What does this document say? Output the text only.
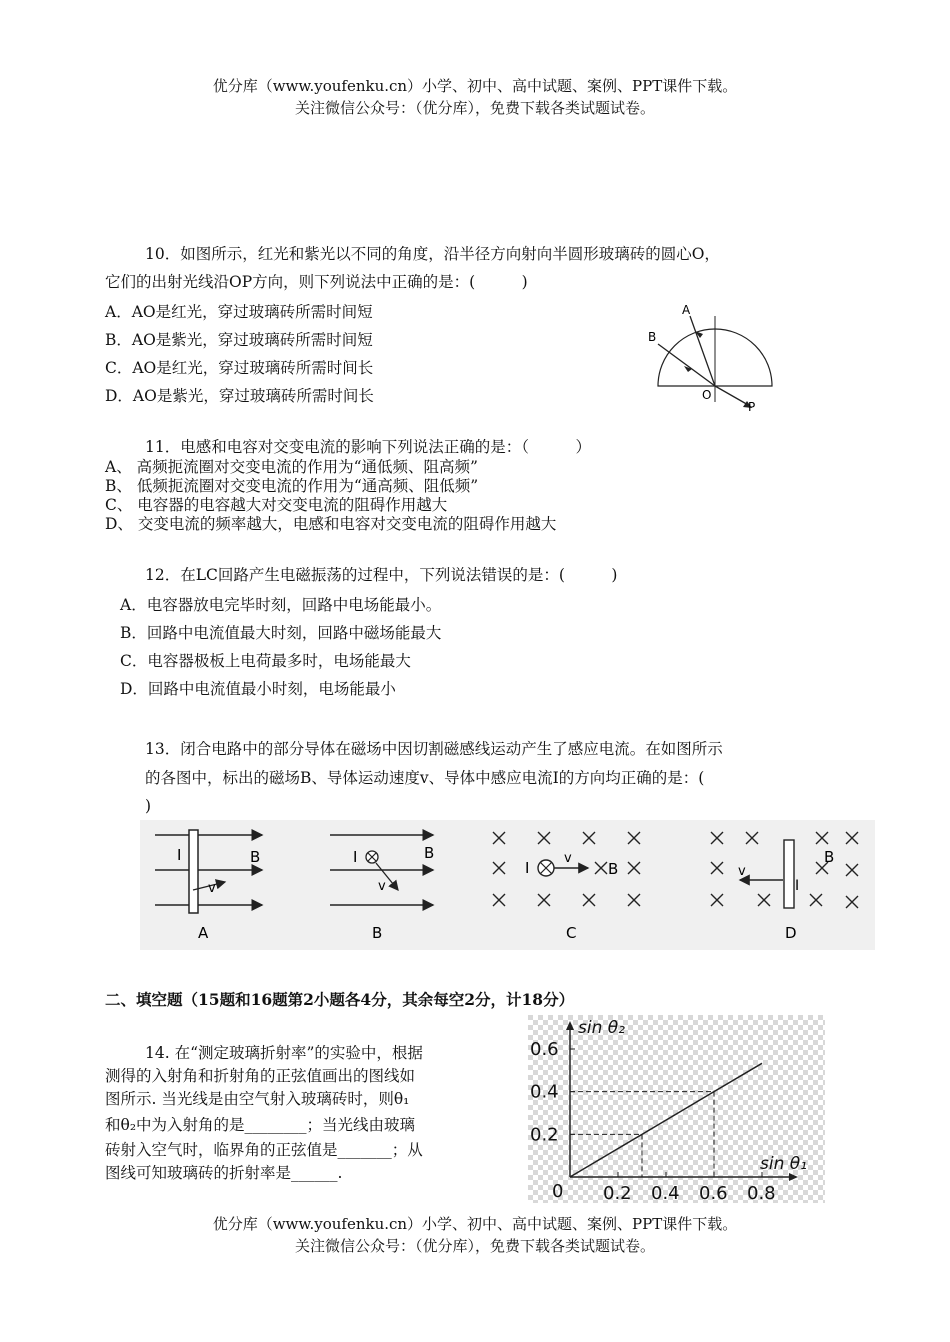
优分库（www.youfenku.cn）小学、初中、高中试题、案例、PPT课件下载。
关注微信公众号：（优分库），免费下载各类试题试卷。
10．如图所示，红光和紫光以不同的角度，沿半径方向射向半圆形玻璃砖的圆心O，
它们的出射光线沿OP方向，则下列说法中正确的是：(　　　)
A．AO是红光，穿过玻璃砖所需时间短
B．AO是紫光，穿过玻璃砖所需时间短
C．AO是红光，穿过玻璃砖所需时间长
D．AO是紫光，穿过玻璃砖所需时间长
A
B
O
P
11．电感和电容对交变电流的影响下列说法正确的是：（　　　）
A、 高频扼流圈对交变电流的作用为“通低频、阻高频”
B、 低频扼流圈对交变电流的作用为“通高频、阻低频”
C、 电容器的电容越大对交变电流的阻碍作用越大
D、 交变电流的频率越大，电感和电容对交变电流的阻碍作用越大
12．在LC回路产生电磁振荡的过程中，下列说法错误的是：(　　　)
A．电容器放电完毕时刻，回路中电场能最小。
B．回路中电流值最大时刻，回路中磁场能最大
C．电容器极板上电荷最多时，电场能最大
D．回路中电流值最小时刻，电场能最小
13．闭合电路中的部分导体在磁场中因切割磁感线运动产生了感应电流。在如图所示
的各图中，标出的磁场B、导体运动速度v、导体中感应电流I的方向均正确的是：(
)
I	B
v
A
I	B
v
B
I
v
B
C
v
I
B
D
二、填空题（15题和16题第2小题各4分，其余每空2分，计18分）
14. 在“测定玻璃折射率”的实验中，根据
测得的入射角和折射角的正弦值画出的图线如
图所示. 当光线是由空气射入玻璃砖时，则θ₁
和θ₂中为入射角的是________；当光线由玻璃
砖射入空气时，临界角的正弦值是_______；从
图线可知玻璃砖的折射率是______.
0.2 0.4 0.6 0.8
0.2
0.4
0.6
0
sin θ₂
sin θ₁
优分库（www.youfenku.cn）小学、初中、高中试题、案例、PPT课件下载。
关注微信公众号：（优分库），免费下载各类试题试卷。
